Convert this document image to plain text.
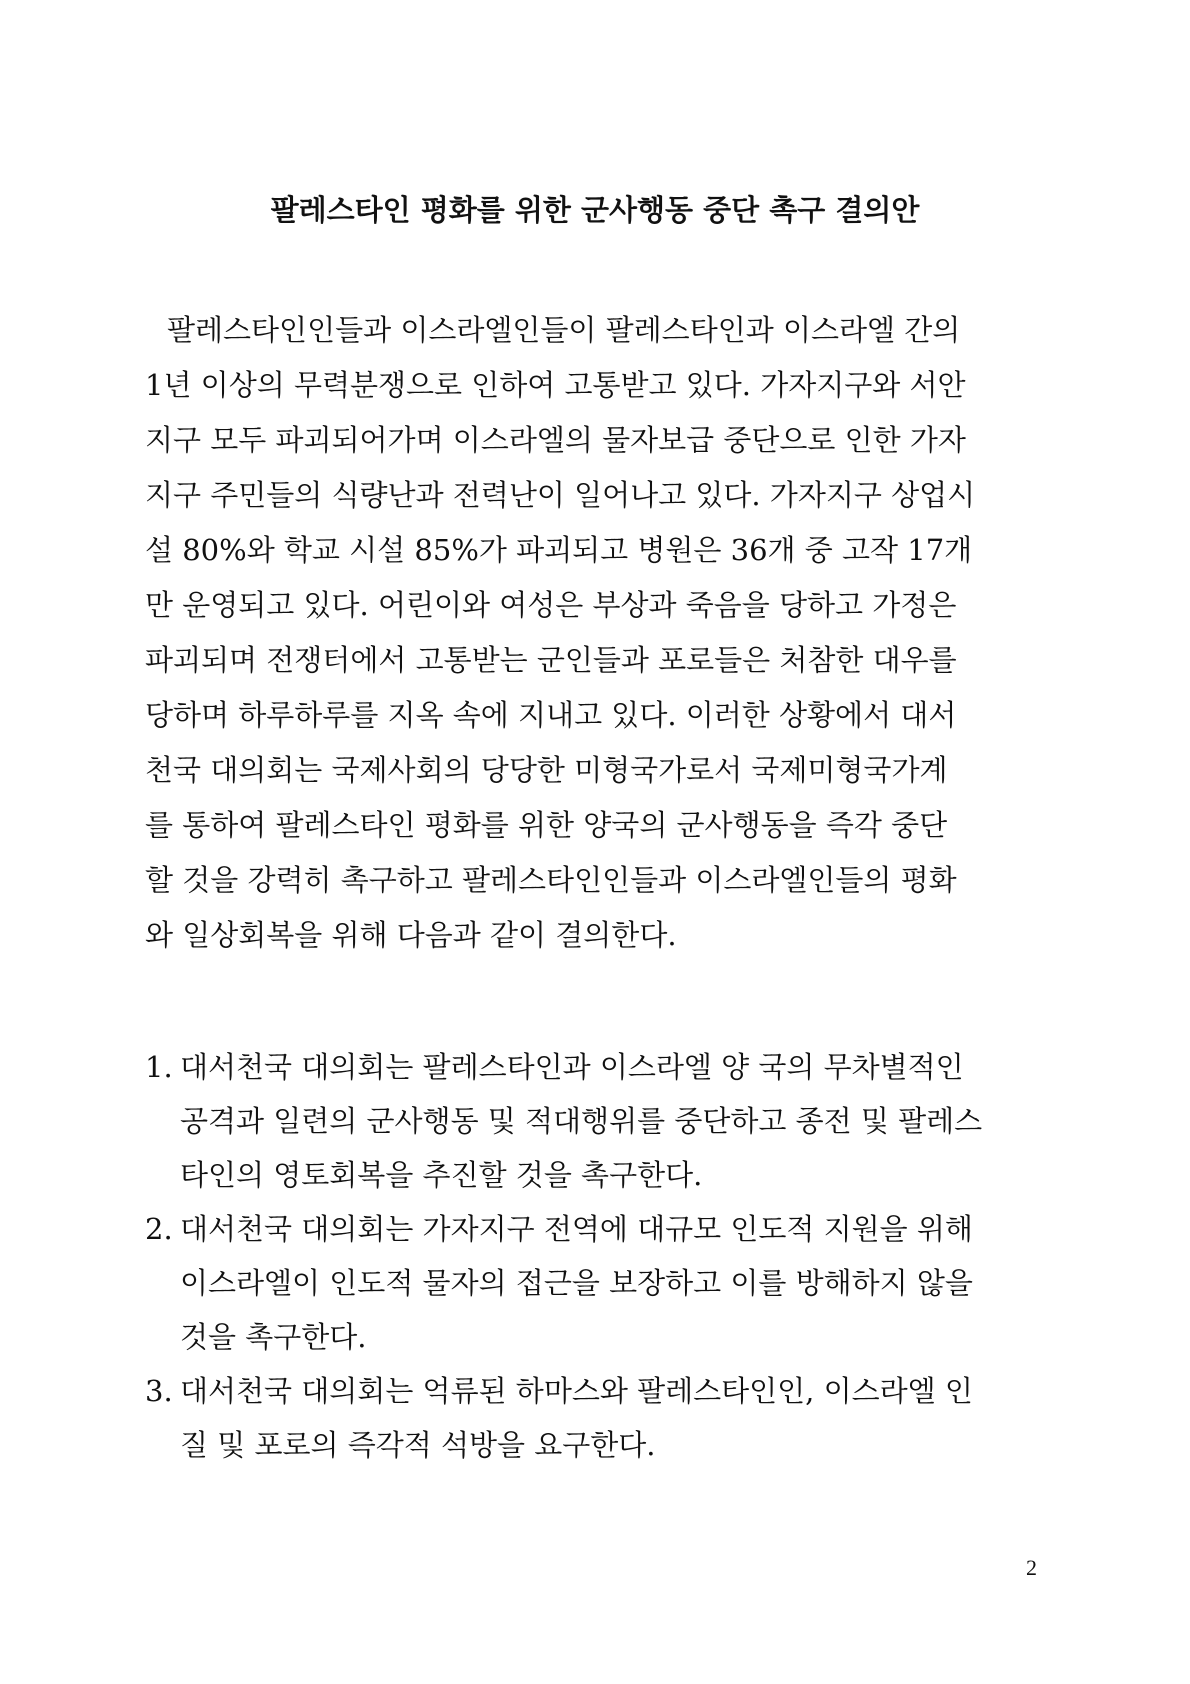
팔레스타인 평화를 위한 군사행동 중단 촉구 결의안
팔레스타인인들과 이스라엘인들이 팔레스타인과 이스라엘 간의
1년 이상의 무력분쟁으로 인하여 고통받고 있다. 가자지구와 서안
지구 모두 파괴되어가며 이스라엘의 물자보급 중단으로 인한 가자
지구 주민들의 식량난과 전력난이 일어나고 있다. 가자지구 상업시
설 80%와 학교 시설 85%가 파괴되고 병원은 36개 중 고작 17개
만 운영되고 있다. 어린이와 여성은 부상과 죽음을 당하고 가정은
파괴되며 전쟁터에서 고통받는 군인들과 포로들은 처참한 대우를
당하며 하루하루를 지옥 속에 지내고 있다. 이러한 상황에서 대서
천국 대의회는 국제사회의 당당한 미형국가로서 국제미형국가계
를 통하여 팔레스타인 평화를 위한 양국의 군사행동을 즉각 중단
할 것을 강력히 촉구하고 팔레스타인인들과 이스라엘인들의 평화
와 일상회복을 위해 다음과 같이 결의한다.
1. 대서천국 대의회는 팔레스타인과 이스라엘 양 국의 무차별적인
공격과 일련의 군사행동 및 적대행위를 중단하고 종전 및 팔레스
타인의 영토회복을 추진할 것을 촉구한다.
2. 대서천국 대의회는 가자지구 전역에 대규모 인도적 지원을 위해
이스라엘이 인도적 물자의 접근을 보장하고 이를 방해하지 않을
것을 촉구한다.
3. 대서천국 대의회는 억류된 하마스와 팔레스타인인, 이스라엘 인
질 및 포로의 즉각적 석방을 요구한다.
2
